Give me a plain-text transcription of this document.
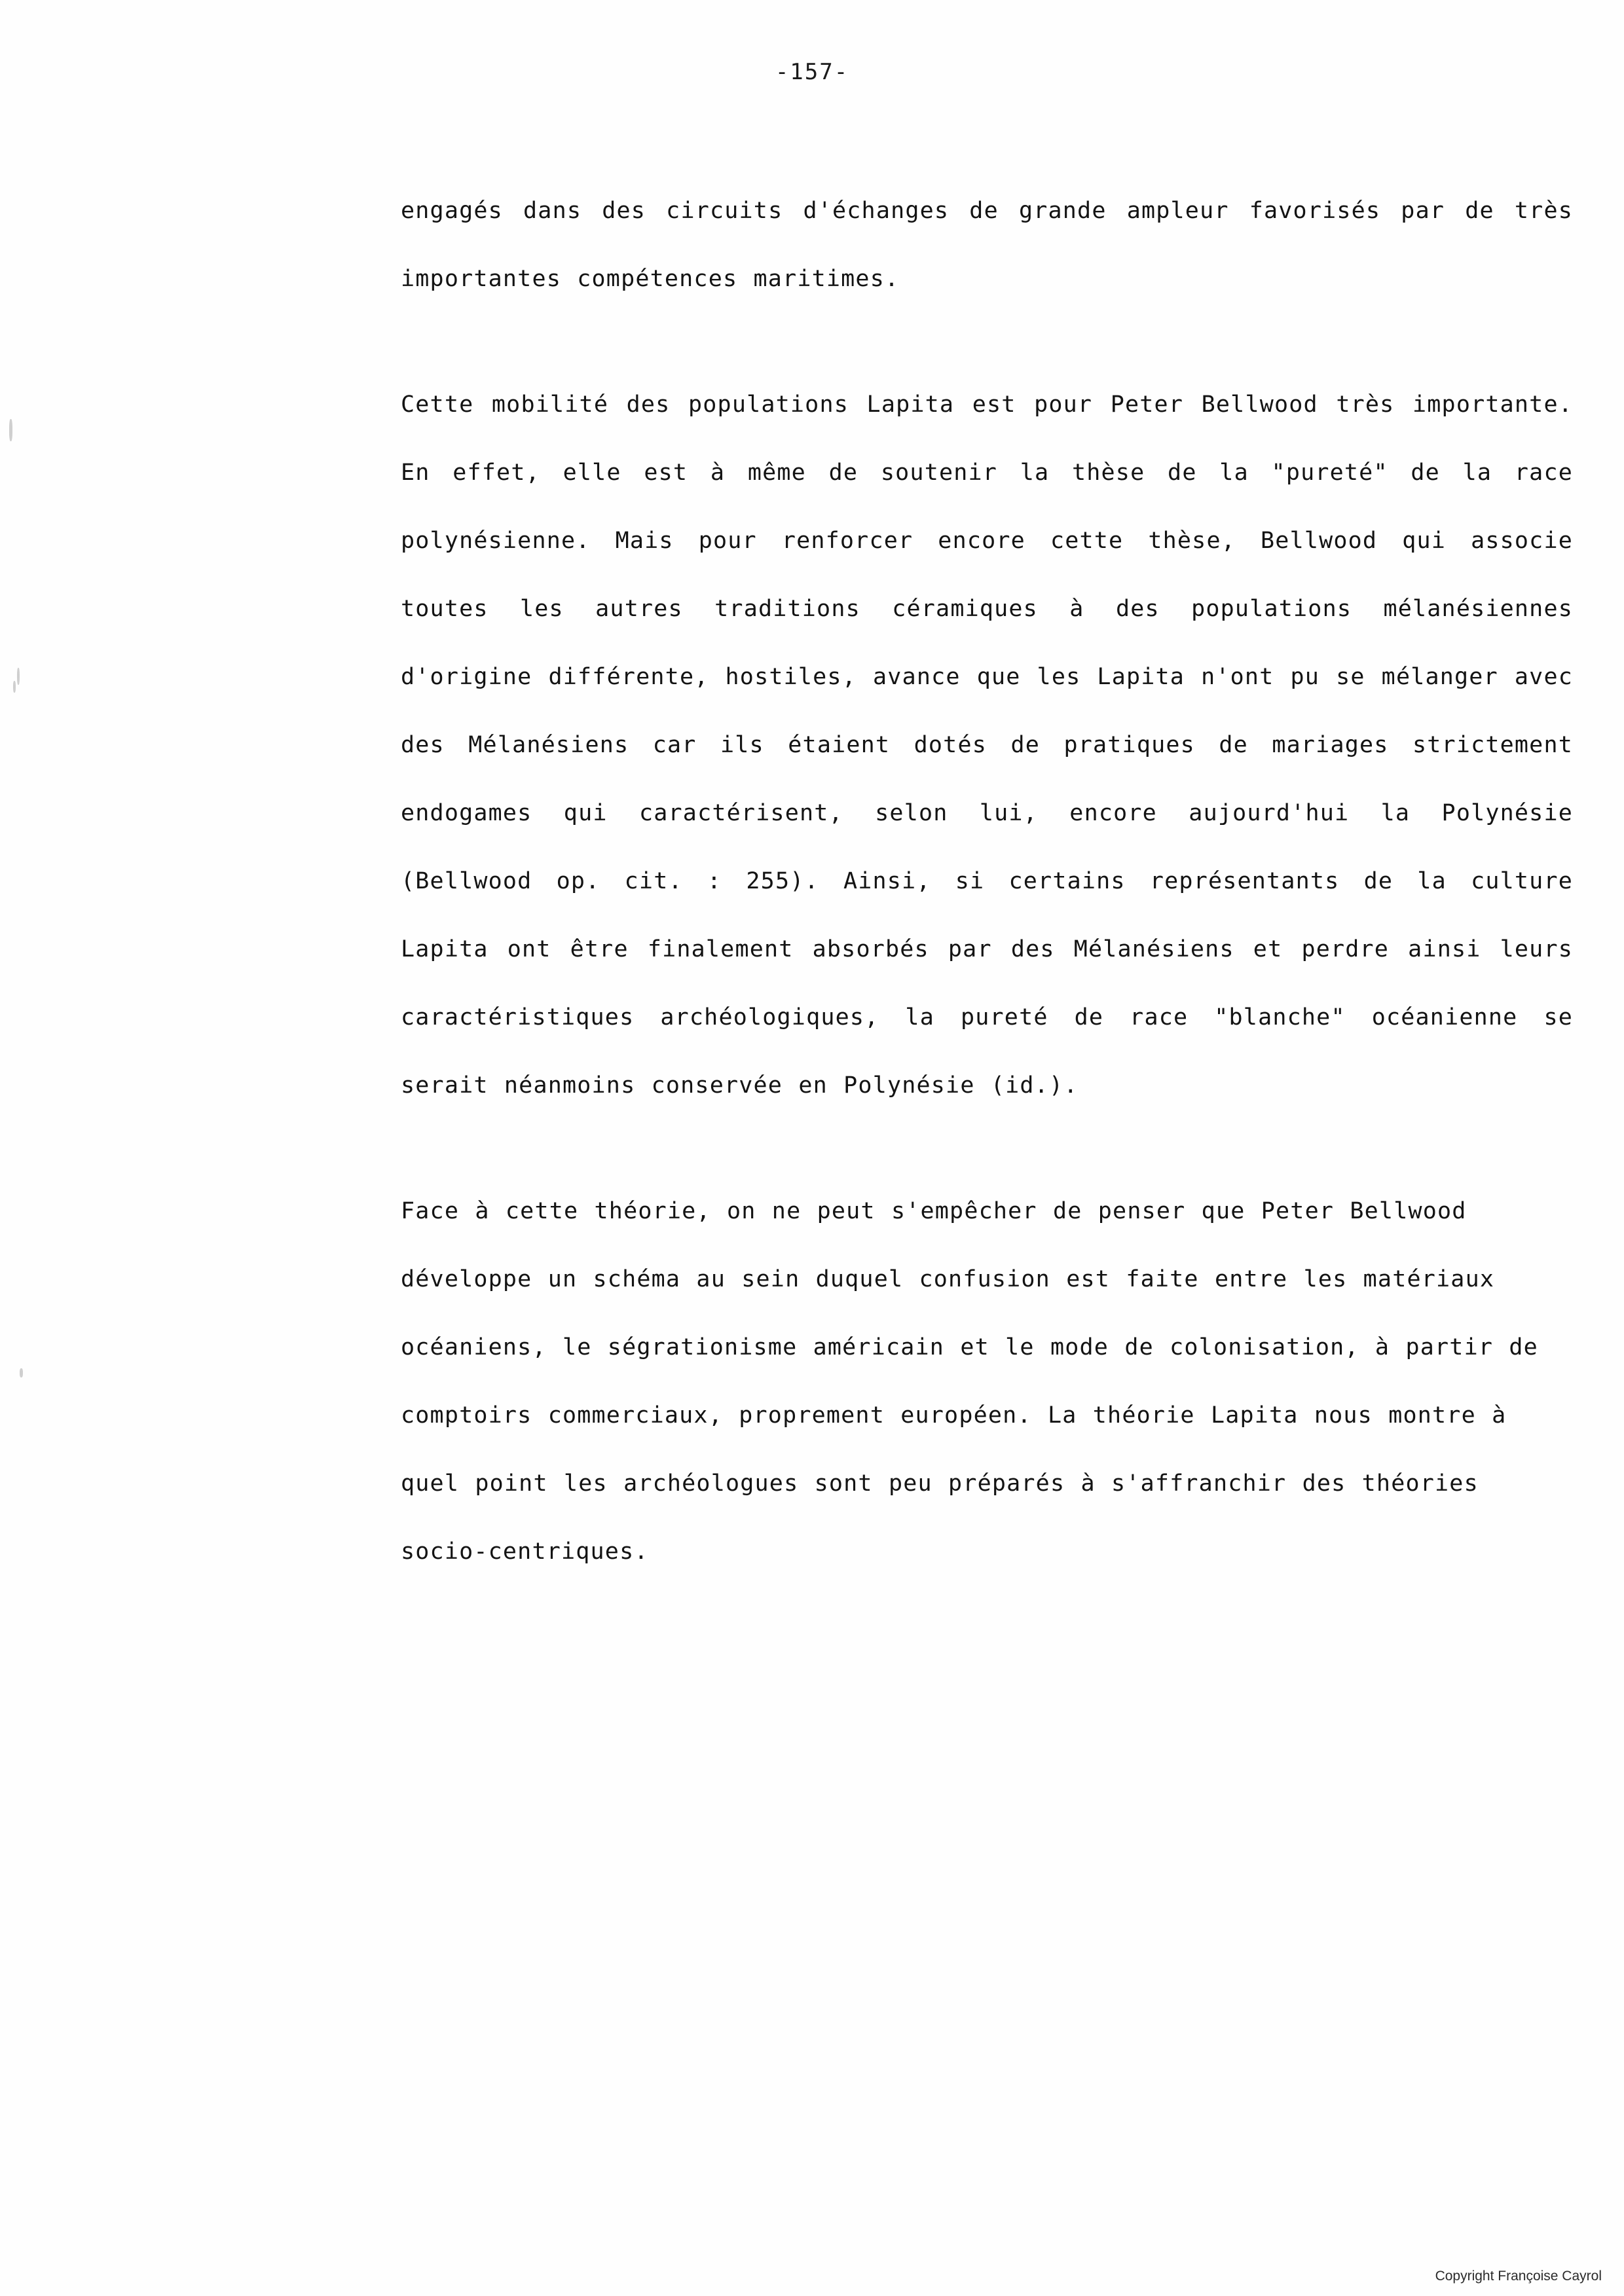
-157-

engagés dans des circuits d'échanges de grande ampleur favorisés par de très importantes compétences maritimes.

Cette mobilité des populations Lapita est pour Peter Bellwood très importante. En effet, elle est à même de soutenir la thèse de la "pureté" de la race polynésienne. Mais pour renforcer encore cette thèse, Bellwood qui associe toutes les autres traditions céramiques à des populations mélanésiennes d'origine différente, hostiles, avance que les Lapita n'ont pu se mélanger avec des Mélanésiens car ils étaient dotés de pratiques de mariages strictement endogames qui caractérisent, selon lui, encore aujourd'hui la Polynésie (Bellwood op. cit. : 255). Ainsi, si certains représentants de la culture Lapita ont être finalement absorbés par des Mélanésiens et perdre ainsi leurs caractéristiques archéologiques, la pureté de race "blanche" océanienne se serait néanmoins conservée en Polynésie (id.).

Face à cette théorie, on ne peut s'empêcher de penser que Peter Bellwood développe un schéma au sein duquel confusion est faite entre les matériaux océaniens, le ségrationisme américain et le mode de colonisation, à partir de comptoirs commerciaux, proprement européen. La théorie Lapita nous montre à quel point les archéologues sont peu préparés à s'affranchir des théories socio-centriques.

Copyright Françoise Cayrol
